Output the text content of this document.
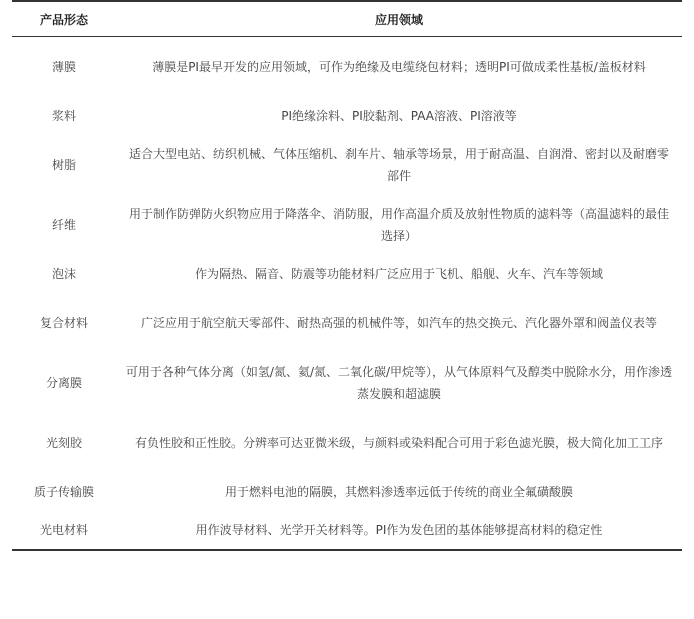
产品形态	应用领域
薄膜	薄膜是PI最早开发的应用领域，可作为绝缘及电缆绕包材料；透明PI可做成柔性基板/盖板材料
浆料	PI绝缘涂料、PI胶黏剂、PAA溶液、PI溶液等
树脂	适合大型电站、纺织机械、气体压缩机、刹车片、轴承等场景，用于耐高温、自润滑、密封以及耐磨零部件
纤维	用于制作防弹防火织物应用于降落伞、消防服，用作高温介质及放射性物质的滤料等（高温滤料的最佳选择）
泡沫	作为隔热、隔音、防震等功能材料广泛应用于飞机、船舰、火车、汽车等领域
复合材料	广泛应用于航空航天零部件、耐热高强的机械件等，如汽车的热交换元、汽化器外罩和阀盖仪表等
分离膜	可用于各种气体分离（如氢/氮、氦/氮、二氧化碳/甲烷等），从气体原料气及醇类中脱除水分，用作渗透蒸发膜和超滤膜
光刻胶	有负性胶和正性胶。分辨率可达亚微米级，与颜料或染料配合可用于彩色滤光膜，极大简化加工工序
质子传输膜	用于燃料电池的隔膜，其燃料渗透率远低于传统的商业全氟磺酸膜
光电材料	用作波导材料、光学开关材料等。PI作为发色团的基体能够提高材料的稳定性
